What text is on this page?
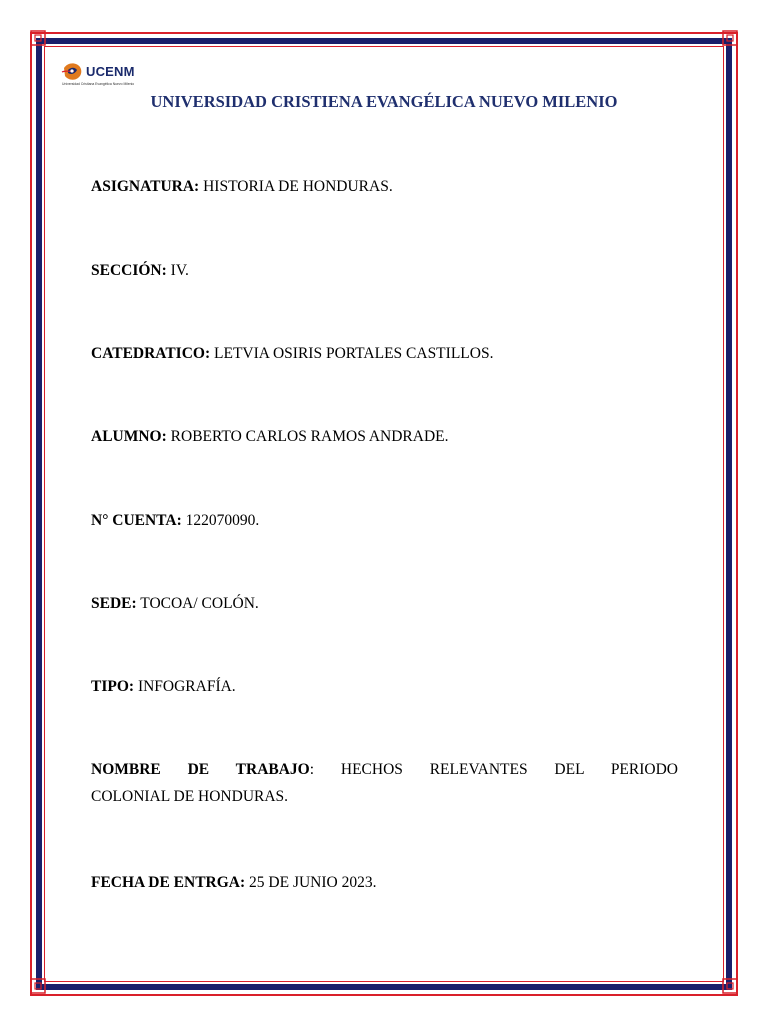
UCENM
Universidad Cristiana Evangélica Nuevo Milenio
UNIVERSIDAD CRISTIENA EVANGÉLICA NUEVO MILENIO
ASIGNATURA: HISTORIA DE HONDURAS.
SECCIÓN: IV.
CATEDRATICO: LETVIA OSIRIS PORTALES CASTILLOS.
ALUMNO: ROBERTO CARLOS RAMOS ANDRADE.
N° CUENTA: 122070090.
SEDE: TOCOA/ COLÓN.
TIPO: INFOGRAFÍA.
NOMBRE DE TRABAJO: HECHOS RELEVANTES DEL PERIODO
COLONIAL DE HONDURAS.
FECHA DE ENTRGA: 25 DE JUNIO 2023.
